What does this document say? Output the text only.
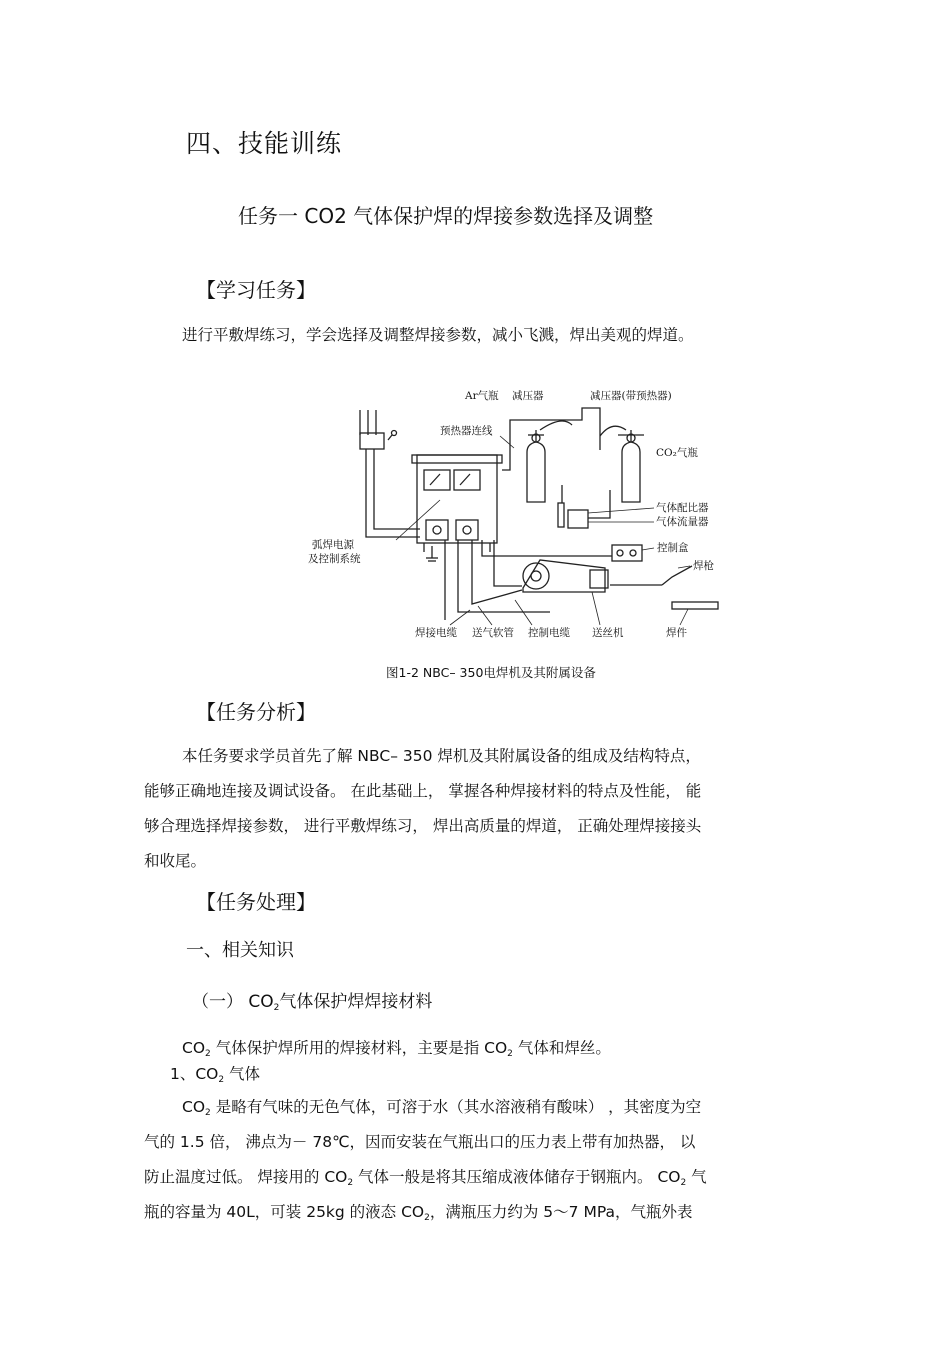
四、技能训练
任务一 CO2 气体保护焊的焊接参数选择及调整
【学习任务】
进行平敷焊练习，学会选择及调整焊接参数，减小飞溅，焊出美观的焊道。
Ar气瓶 减压器	减压器(带预热器)
预热器连线
CO₂气瓶
弧焊电源
及控制系统
气体配比器
气体流量器
控制盒
焊枪
焊接电缆 送气软管 控制电缆 送丝机	焊件
图1-2 NBC– 350电焊机及其附属设备
【任务分析】
本任务要求学员首先了解 NBC– 350 焊机及其附属设备的组成及结构特点，
能够正确地连接及调试设备。 在此基础上， 掌握各种焊接材料的特点及性能， 能
够合理选择焊接参数， 进行平敷焊练习， 焊出高质量的焊道， 正确处理焊接接头
和收尾。
【任务处理】
一、相关知识
（一） $CO_2$气体保护焊焊接材料
$CO_2$ 气体保护焊所用的焊接材料，主要是指 $CO_2$ 气体和焊丝。
1、$CO_2$ 气体
$CO_2$ 是略有气味的无色气体，可溶于水（其水溶液稍有酸味） ，其密度为空
气的 1.5 倍， 沸点为－ 78℃，因而安装在气瓶出口的压力表上带有加热器， 以
防止温度过低。 焊接用的 $CO_2$ 气体一般是将其压缩成液体储存于钢瓶内。 $CO_2$ 气
瓶的容量为 40L，可装 25kg 的液态 $CO_2$，满瓶压力约为 5～7 MPa，气瓶外表
